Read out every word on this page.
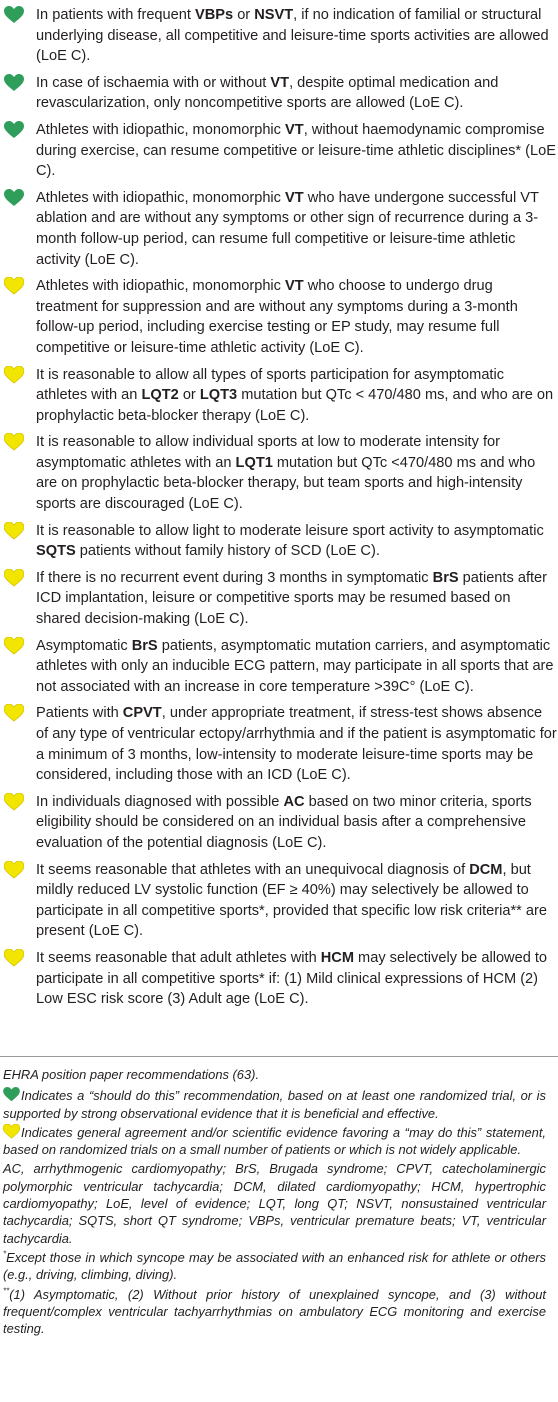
In patients with frequent VBPs or NSVT, if no indication of familial or structural underlying disease, all competitive and leisure-time sports activities are allowed (LoE C).
In case of ischaemia with or without VT, despite optimal medication and revascularization, only noncompetitive sports are allowed (LoE C).
Athletes with idiopathic, monomorphic VT, without haemodynamic compromise during exercise, can resume competitive or leisure-time athletic disciplines* (LoE C).
Athletes with idiopathic, monomorphic VT who have undergone successful VT ablation and are without any symptoms or other sign of recurrence during a 3-month follow-up period, can resume full competitive or leisure-time athletic activity (LoE C).
Athletes with idiopathic, monomorphic VT who choose to undergo drug treatment for suppression and are without any symptoms during a 3-month follow-up period, including exercise testing or EP study, may resume full competitive or leisure-time athletic activity (LoE C).
It is reasonable to allow all types of sports participation for asymptomatic athletes with an LQT2 or LQT3 mutation but QTc < 470/480 ms, and who are on prophylactic beta-blocker therapy (LoE C).
It is reasonable to allow individual sports at low to moderate intensity for asymptomatic athletes with an LQT1 mutation but QTc <470/480 ms and who are on prophylactic beta-blocker therapy, but team sports and high-intensity sports are discouraged (LoE C).
It is reasonable to allow light to moderate leisure sport activity to asymptomatic SQTS patients without family history of SCD (LoE C).
If there is no recurrent event during 3 months in symptomatic BrS patients after ICD implantation, leisure or competitive sports may be resumed based on shared decision-making (LoE C).
Asymptomatic BrS patients, asymptomatic mutation carriers, and asymptomatic athletes with only an inducible ECG pattern, may participate in all sports that are not associated with an increase in core temperature >39C° (LoE C).
Patients with CPVT, under appropriate treatment, if stress-test shows absence of any type of ventricular ectopy/arrhythmia and if the patient is asymptomatic for a minimum of 3 months, low-intensity to moderate leisure-time sports may be considered, including those with an ICD (LoE C).
In individuals diagnosed with possible AC based on two minor criteria, sports eligibility should be considered on an individual basis after a comprehensive evaluation of the potential diagnosis (LoE C).
It seems reasonable that athletes with an unequivocal diagnosis of DCM, but mildly reduced LV systolic function (EF ≥ 40%) may selectively be allowed to participate in all competitive sports*, provided that specific low risk criteria** are present (LoE C).
It seems reasonable that adult athletes with HCM may selectively be allowed to participate in all competitive sports* if: (1) Mild clinical expressions of HCM (2) Low ESC risk score (3) Adult age (LoE C).
EHRA position paper recommendations (63).
Indicates a “should do this” recommendation, based on at least one randomized trial, or is supported by strong observational evidence that it is beneficial and effective.
Indicates general agreement and/or scientific evidence favoring a “may do this” statement, based on randomized trials on a small number of patients or which is not widely applicable.
AC, arrhythmogenic cardiomyopathy; BrS, Brugada syndrome; CPVT, catecholaminergic polymorphic ventricular tachycardia; DCM, dilated cardiomyopathy; HCM, hypertrophic cardiomyopathy; LoE, level of evidence; LQT, long QT; NSVT, nonsustained ventricular tachycardia; SQTS, short QT syndrome; VBPs, ventricular premature beats; VT, ventricular tachycardia.
*Except those in which syncope may be associated with an enhanced risk for athlete or others (e.g., driving, climbing, diving).
**(1) Asymptomatic, (2) Without prior history of unexplained syncope, and (3) without frequent/complex ventricular tachyarrhythmias on ambulatory ECG monitoring and exercise testing.
